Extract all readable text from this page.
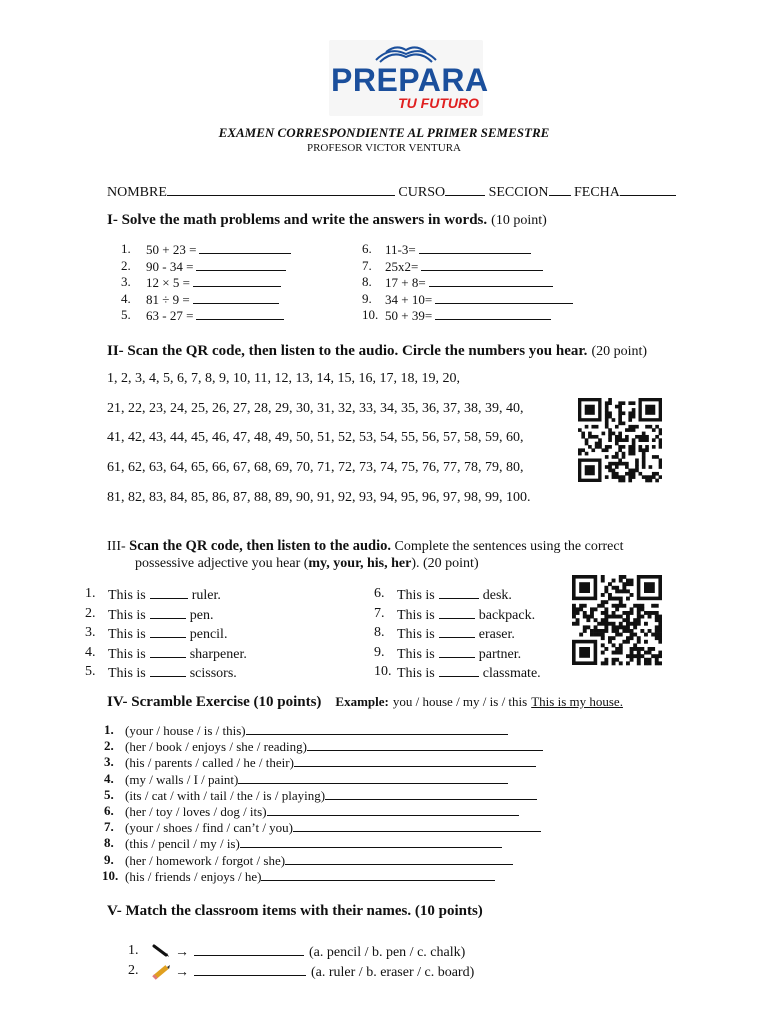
PREPARA
TU FUTURO
EXAMEN CORRESPONDIENTE AL PRIMER SEMESTRE
PROFESOR VICTOR VENTURA
NOMBRE	CURSO	SECCION FECHA
I- Solve the math problems and write the answers in words. (10 point)
1. 50 + 23 =
2. 90 - 34 =
3. 12 × 5 =
4. 81 ÷ 9 =
5. 63 - 27 =
6. 11-3=
7. 25x2=
8. 17 + 8=
9. 34 + 10=
10. 50 + 39=
II- Scan the QR code, then listen to the audio. Circle the numbers you hear. (20 point)
1, 2, 3, 4, 5, 6, 7, 8, 9, 10, 11, 12, 13, 14, 15, 16, 17, 18, 19, 20,
21, 22, 23, 24, 25, 26, 27, 28, 29, 30, 31, 32, 33, 34, 35, 36, 37, 38, 39, 40,
41, 42, 43, 44, 45, 46, 47, 48, 49, 50, 51, 52, 53, 54, 55, 56, 57, 58, 59, 60,
61, 62, 63, 64, 65, 66, 67, 68, 69, 70, 71, 72, 73, 74, 75, 76, 77, 78, 79, 80,
81, 82, 83, 84, 85, 86, 87, 88, 89, 90, 91, 92, 93, 94, 95, 96, 97, 98, 99, 100.
III- Scan the QR code, then listen to the audio. Complete the sentences using the correct
possessive adjective you hear (my, your, his, her). (20 point)
1. This is	ruler.
2. This is	pen.
3. This is	pencil.
4. This is	sharpener.
5. This is	scissors.
6. This is	desk.
7. This is	backpack.
8. This is	eraser.
9. This is	partner.
10. This is	classmate.
IV- Scramble Exercise (10 points) Example: you / house / my / is / this This is my house.
1. (your / house / is / this)
2. (her / book / enjoys / she / reading)
3. (his / parents / called / he / their)
4. (my / walls / I / paint)
5. (its / cat / with / tail / the / is / playing)
6. (her / toy / loves / dog / its)
7. (your / shoes / find / can’t / you)
8. (this / pencil / my / is)
9. (her / homework / forgot / she)
10. (his / friends / enjoys / he)
V- Match the classroom items with their names. (10 points)
1.	→	(a. pencil / b. pen / c. chalk)
2.	→	(a. ruler / b. eraser / c. board)
